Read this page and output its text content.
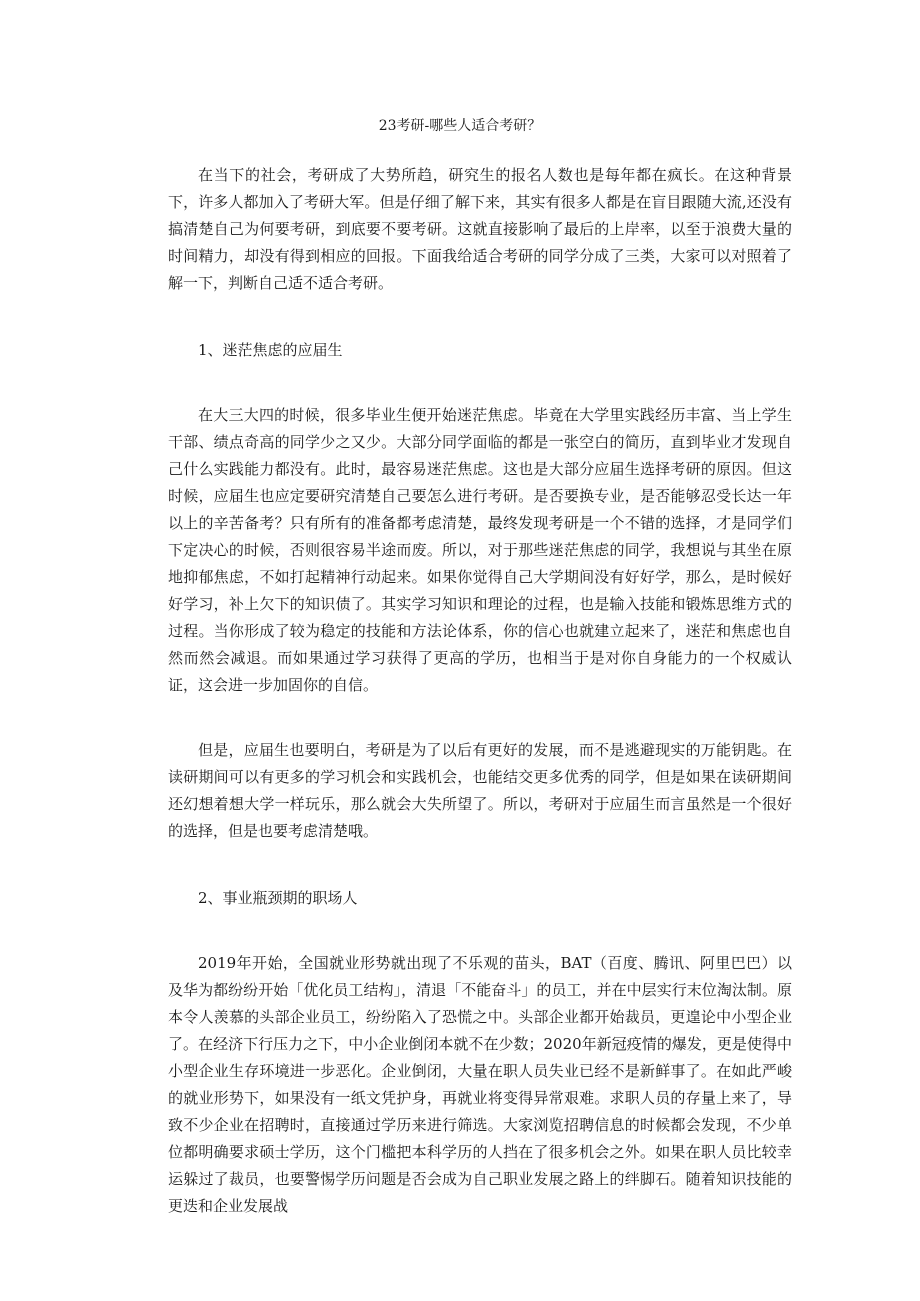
23考研-哪些人适合考研？

在当下的社会，考研成了大势所趋，研究生的报名人数也是每年都在疯长。在这种背景下，许多人都加入了考研大军。但是仔细了解下来，其实有很多人都是在盲目跟随大流,还没有搞清楚自己为何要考研，到底要不要考研。这就直接影响了最后的上岸率，以至于浪费大量的时间精力，却没有得到相应的回报。下面我给适合考研的同学分成了三类，大家可以对照着了解一下，判断自己适不适合考研。

1、迷茫焦虑的应届生

在大三大四的时候，很多毕业生便开始迷茫焦虑。毕竟在大学里实践经历丰富、当上学生干部、绩点奇高的同学少之又少。大部分同学面临的都是一张空白的简历，直到毕业才发现自己什么实践能力都没有。此时，最容易迷茫焦虑。这也是大部分应届生选择考研的原因。但这时候，应届生也应定要研究清楚自己要怎么进行考研。是否要换专业，是否能够忍受长达一年以上的辛苦备考？只有所有的准备都考虑清楚，最终发现考研是一个不错的选择，才是同学们下定决心的时候，否则很容易半途而废。所以，对于那些迷茫焦虑的同学，我想说与其坐在原地抑郁焦虑，不如打起精神行动起来。如果你觉得自己大学期间没有好好学，那么，是时候好好学习，补上欠下的知识债了。其实学习知识和理论的过程，也是输入技能和锻炼思维方式的过程。当你形成了较为稳定的技能和方法论体系，你的信心也就建立起来了，迷茫和焦虑也自然而然会减退。而如果通过学习获得了更高的学历，也相当于是对你自身能力的一个权威认证，这会进一步加固你的自信。

但是，应届生也要明白，考研是为了以后有更好的发展，而不是逃避现实的万能钥匙。在读研期间可以有更多的学习机会和实践机会，也能结交更多优秀的同学，但是如果在读研期间还幻想着想大学一样玩乐，那么就会大失所望了。所以，考研对于应届生而言虽然是一个很好的选择，但是也要考虑清楚哦。

2、事业瓶颈期的职场人

2019年开始，全国就业形势就出现了不乐观的苗头，BAT（百度、腾讯、阿里巴巴）以及华为都纷纷开始「优化员工结构」，清退「不能奋斗」的员工，并在中层实行末位淘汰制。原本令人羡慕的头部企业员工，纷纷陷入了恐慌之中。头部企业都开始裁员，更遑论中小型企业了。在经济下行压力之下，中小企业倒闭本就不在少数；2020年新冠疫情的爆发，更是使得中小型企业生存环境进一步恶化。企业倒闭，大量在职人员失业已经不是新鲜事了。在如此严峻的就业形势下，如果没有一纸文凭护身，再就业将变得异常艰难。求职人员的存量上来了，导致不少企业在招聘时，直接通过学历来进行筛选。大家浏览招聘信息的时候都会发现，不少单位都明确要求硕士学历，这个门槛把本科学历的人挡在了很多机会之外。如果在职人员比较幸运躲过了裁员，也要警惕学历问题是否会成为自己职业发展之路上的绊脚石。随着知识技能的更迭和企业发展战
